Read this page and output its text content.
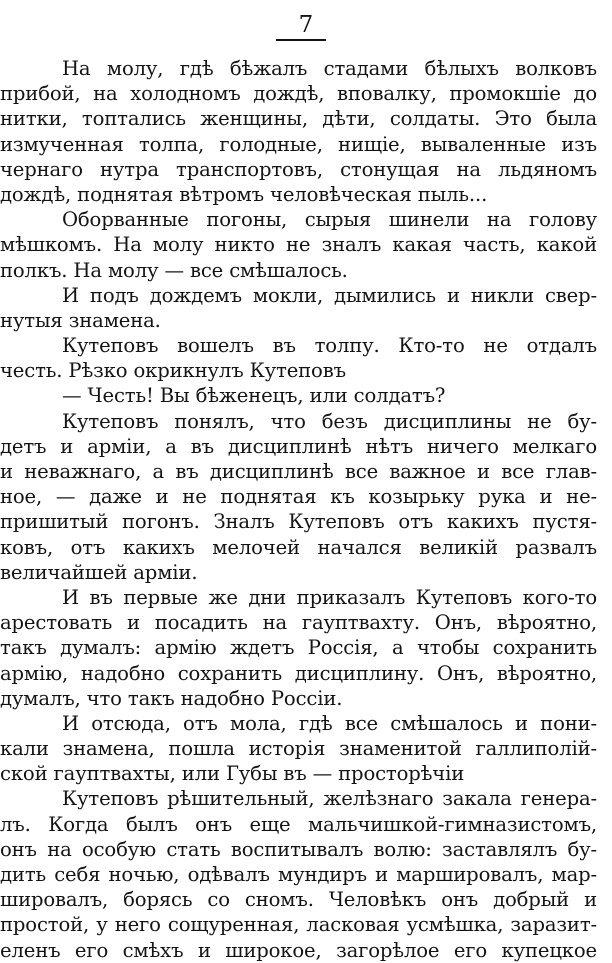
7
На молу, гдѣ бѣжалъ стадами бѣлыхъ волковъ
прибой, на холодномъ дождѣ, вповалку, промокшiе до
нитки, топтались женщины, дѣти, солдаты. Это была
измученная толпа, голодные, нищiе, вываленные изъ
чернаго нутра транспортовъ, стонущая на льдяномъ
дождѣ, поднятая вѣтромъ человѣческая пыль...
Оборванные погоны, сырыя шинели на голову
мѣшкомъ. На молу никто не зналъ какая часть, какой
полкъ. На молу — все смѣшалось.
И подъ дождемъ мокли, дымились и никли свер-
нутыя знамена.
Кутеповъ вошелъ въ толпу. Кто-то не отдалъ
честь. Рѣзко окрикнулъ Кутеповъ
— Честь! Вы бѣженецъ, или солдатъ?
Кутеповъ понялъ, что безъ дисциплины не бу-
детъ и армiи, а въ дисциплинѣ нѣтъ ничего мелкаго
и неважнаго, а въ дисциплинѣ все важное и все глав-
ное, — даже и не поднятая къ козырьку рука и не-
пришитый погонъ. Зналъ Кутеповъ отъ какихъ пустя-
ковъ, отъ какихъ мелочей начался великiй развалъ
величайшей армiи.
И въ первые же дни приказалъ Кутеповъ кого-то
арестовать и посадить на гауптвахту. Онъ, вѣроятно,
такъ думалъ: армiю ждетъ Россiя, а чтобы сохранить
армiю, надобно сохранить дисциплину. Онъ, вѣроятно,
думалъ, что такъ надобно Россiи.
И отсюда, отъ мола, гдѣ все смѣшалось и пони-
кали знамена, пошла исторiя знаменитой галлиполiй-
ской гауптвахты, или Губы въ — просторѣчiи
Кутеповъ рѣшительный, желѣзнаго закала генера-
лъ. Когда былъ онъ еще мальчишкой-гимназистомъ,
онъ на особую стать воспитывалъ волю: заставлялъ бу-
дить себя ночью, одѣвалъ мундиръ и маршировалъ, мар-
шировалъ, борясь со сномъ. Человѣкъ онъ добрый и
простой, у него сощуренная, ласковая усмѣшка, заразит-
еленъ его смѣхъ и широкое, загорѣлое его купецкое
